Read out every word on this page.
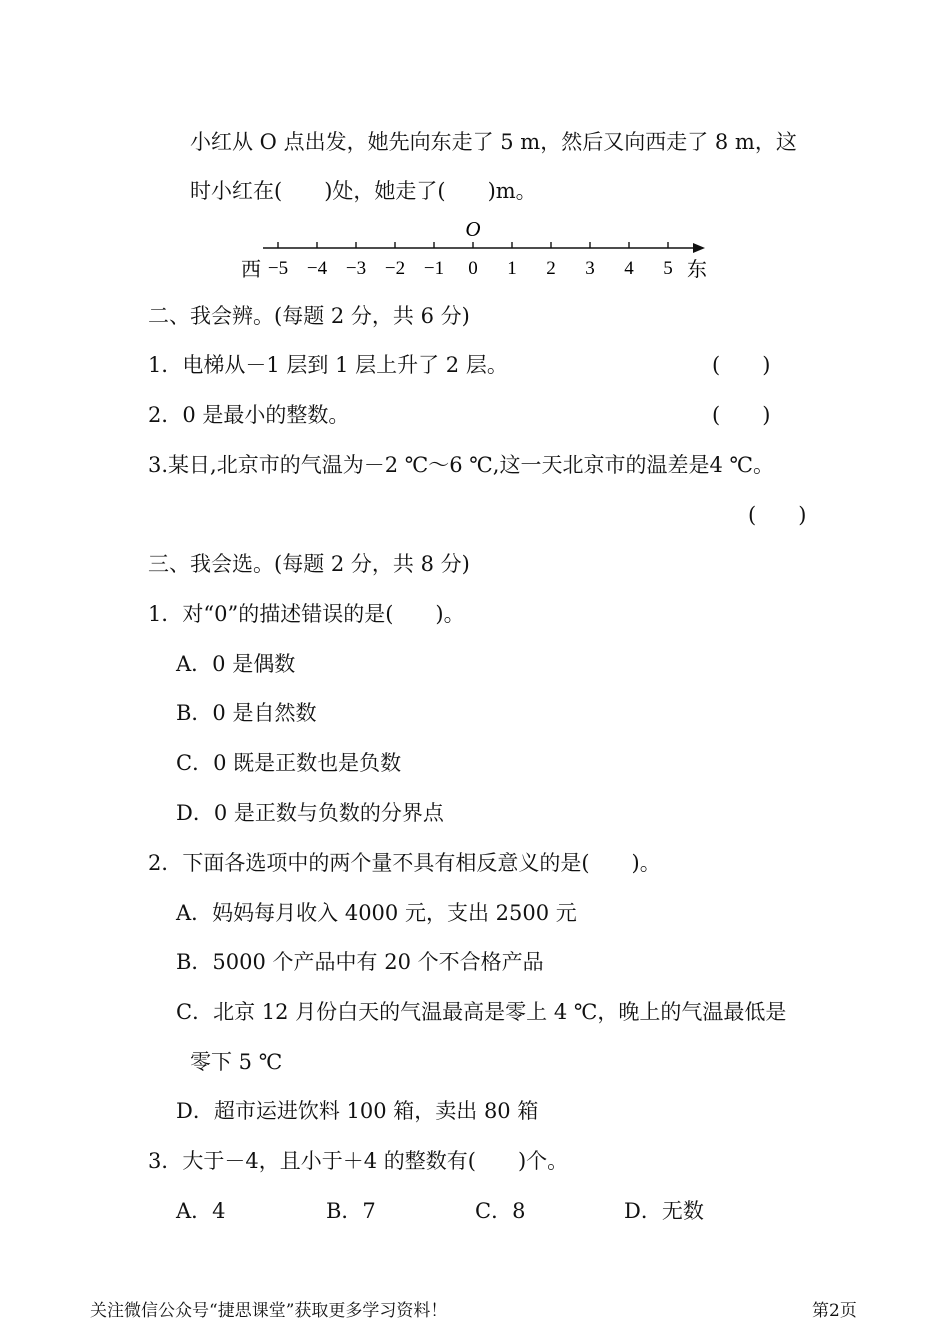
小红从 O 点出发，她先向东走了 5 m，然后又向西走了 8 m，这
时小红在(　　)处，她走了(　　)m。
O
西	东
−5 −4 −3 −2 −1 0 1 2 3 4 5
二、我会辨。(每题 2 分，共 6 分)
1．电梯从－1 层到 1 层上升了 2 层。	(　　)
2．0 是最小的整数。	(　　)
3.某日,北京市的气温为－2 ℃～6 ℃,这一天北京市的温差是4 ℃。
(　　)
三、我会选。(每题 2 分，共 8 分)
1．对“0”的描述错误的是(　　)。
A．0 是偶数
B．0 是自然数
C．0 既是正数也是负数
D．0 是正数与负数的分界点
2．下面各选项中的两个量不具有相反意义的是(　　)。
A．妈妈每月收入 4000 元，支出 2500 元
B．5000 个产品中有 20 个不合格产品
C．北京 12 月份白天的气温最高是零上 4 ℃，晚上的气温最低是
零下 5 ℃
D．超市运进饮料 100 箱，卖出 80 箱
3．大于－4，且小于＋4 的整数有(　　)个。
A．4	B．7	C．8	D．无数
关注微信公众号“捷思课堂”获取更多学习资料！	第2页
